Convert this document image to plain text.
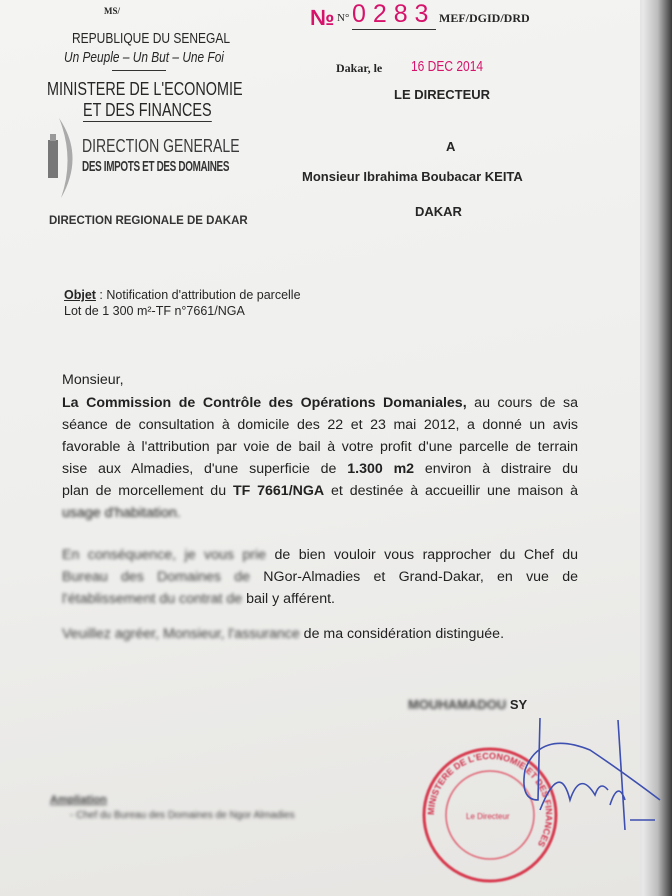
MS/
REPUBLIQUE DU SENEGAL
Un Peuple – Un But – Une Foi
MINISTERE DE L'ECONOMIE
ET DES FINANCES
DIRECTION GENERALE
DES IMPOTS ET DES DOMAINES
DIRECTION REGIONALE DE DAKAR
№ N° 0 2 8 3 MEF/DGID/DRD
Dakar, le 16 DEC 2014
LE DIRECTEUR
A
Monsieur Ibrahima Boubacar KEITA
DAKAR
Objet : Notification d'attribution de parcelle
Lot de 1 300 m²-TF n°7661/NGA
Monsieur,
La Commission de Contrôle des Opérations Domaniales, au cours de sa
séance de consultation à domicile des 22 et 23 mai 2012, a donné un avis
favorable à l'attribution par voie de bail à votre profit d'une parcelle de terrain
sise aux Almadies, d'une superficie de 1.300 m2 environ à distraire du
plan de morcellement du TF 7661/NGA et destinée à accueillir une maison à
usage d'habitation.
En conséquence, je vous prie de bien vouloir vous rapprocher du Chef du
Bureau des Domaines de NGor-Almadies et Grand-Dakar, en vue de
l'établissement du contrat de bail y afférent.
Veuillez agréer, Monsieur, l'assurance de ma considération distinguée.
MOUHAMADOU SY
MINISTERE DE L'ECONOMIE ET DES FINANCES
Le Directeur
Ampliation
- Chef du Bureau des Domaines de Ngor Almadies
